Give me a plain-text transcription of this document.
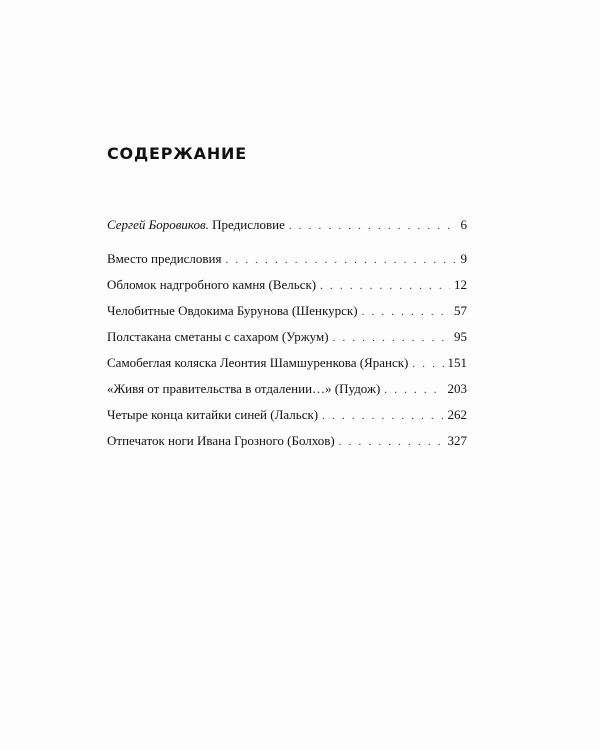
СОДЕРЖАНИЕ
Сергей Боровиков. Предисловие . . .	6
Вместо предисловия . . .	9
Обломок надгробного камня (Вельск) . . .	12
Челобитные Овдокима Бурунова (Шенкурск) . . .	57
Полстакана сметаны с сахаром (Уржум) . . .	95
Самобеглая коляска Леонтия Шамшуренкова (Яранск) . . .	151
«Живя от правительства в отдалении…» (Пудож) . . .	203
Четыре конца китайки синей (Лальск) . . .	262
Отпечаток ноги Ивана Грозного (Болхов) . . .	327
